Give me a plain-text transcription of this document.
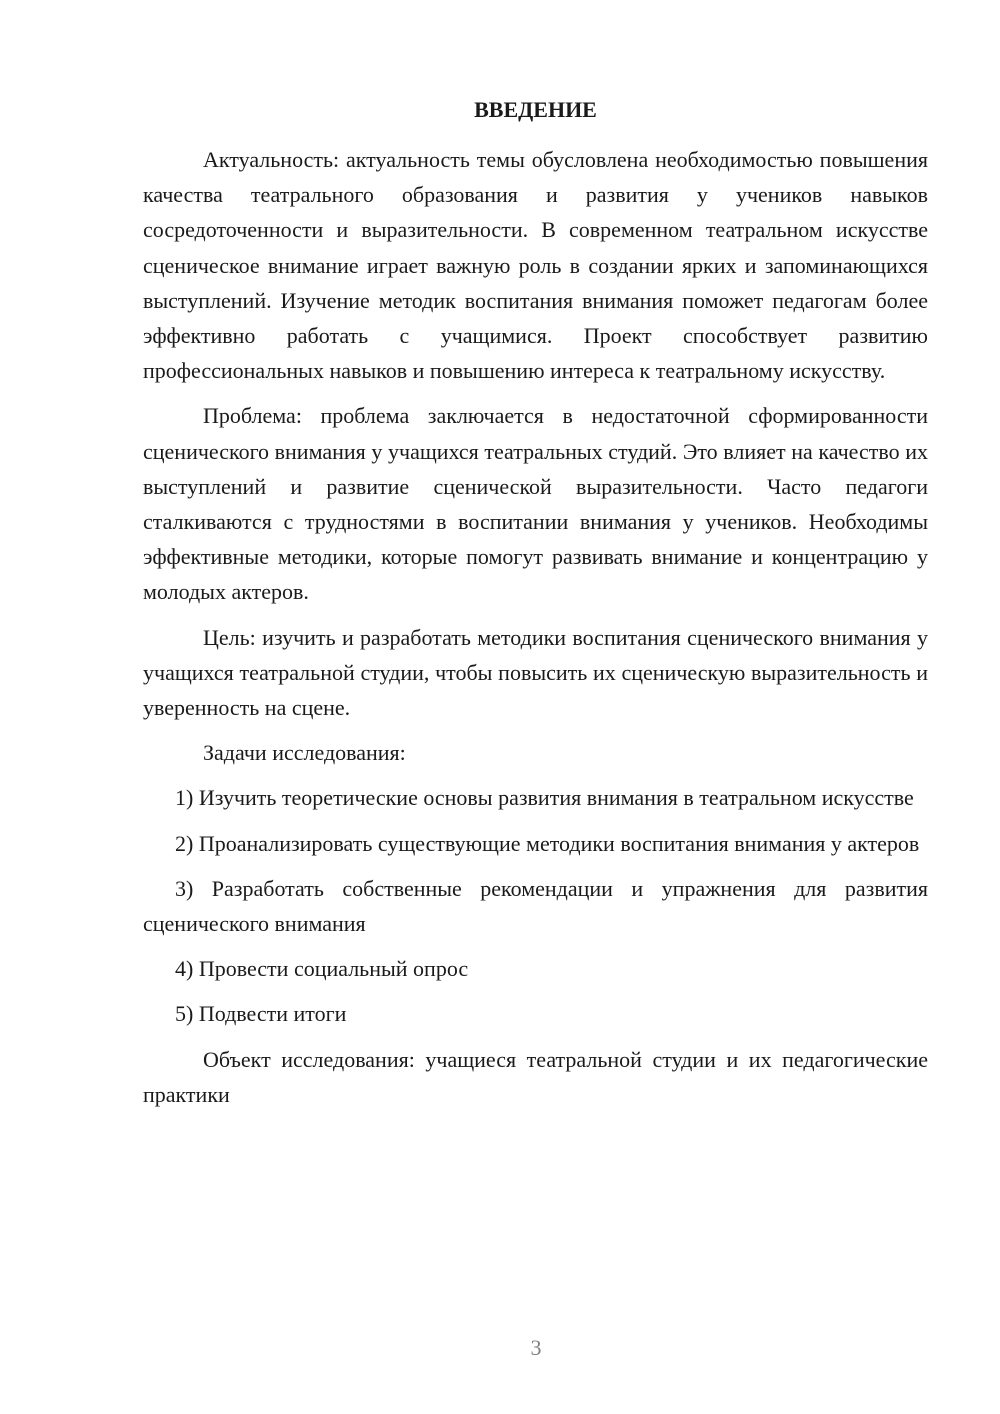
ВВЕДЕНИЕ

Актуальность: актуальность темы обусловлена необходимостью повышения качества театрального образования и развития у учеников навыков сосредоточенности и выразительности. В современном театральном искусстве сценическое внимание играет важную роль в создании ярких и запоминающихся выступлений. Изучение методик воспитания внимания поможет педагогам более эффективно работать с учащимися. Проект способствует развитию профессиональных навыков и повышению интереса к театральному искусству.

Проблема: проблема заключается в недостаточной сформированности сценического внимания у учащихся театральных студий. Это влияет на качество их выступлений и развитие сценической выразительности. Часто педагоги сталкиваются с трудностями в воспитании внимания у учеников. Необходимы эффективные методики, которые помогут развивать внимание и концентрацию у молодых актеров.

Цель: изучить и разработать методики воспитания сценического внимания у учащихся театральной студии, чтобы повысить их сценическую выразительность и уверенность на сцене.

Задачи исследования:

1) Изучить теоретические основы развития внимания в театральном искусстве
2) Проанализировать существующие методики воспитания внимания у актеров
3) Разработать собственные рекомендации и упражнения для развития сценического внимания
4) Провести социальный опрос
5) Подвести итоги

Объект исследования: учащиеся театральной студии и их педагогические практики

3
